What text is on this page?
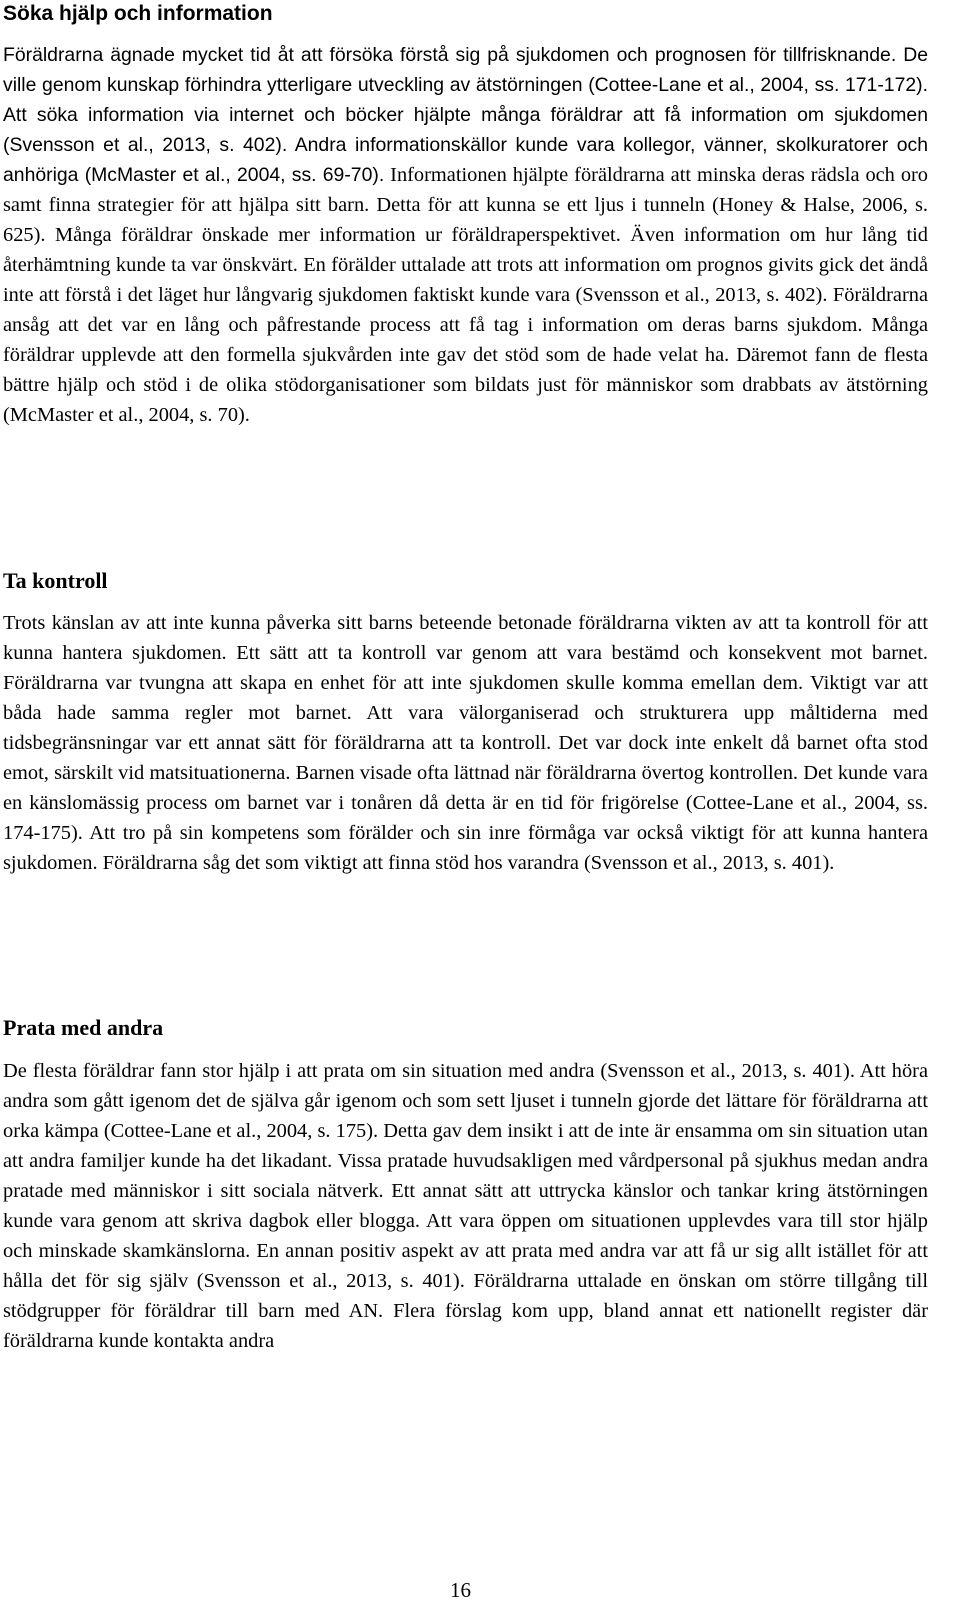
Söka hjälp och information

Föräldrarna ägnade mycket tid åt att försöka förstå sig på sjukdomen och prognosen för tillfrisknande. De ville genom kunskap förhindra ytterligare utveckling av ätstörningen (Cottee-Lane et al., 2004, ss. 171-172). Att söka information via internet och böcker hjälpte många föräldrar att få information om sjukdomen (Svensson et al., 2013, s. 402). Andra informationskällor kunde vara kollegor, vänner, skolkuratorer och anhöriga (McMaster et al., 2004, ss. 69-70). Informationen hjälpte föräldrarna att minska deras rädsla och oro samt finna strategier för att hjälpa sitt barn. Detta för att kunna se ett ljus i tunneln (Honey & Halse, 2006, s. 625). Många föräldrar önskade mer information ur föräldraperspektivet. Även information om hur lång tid återhämtning kunde ta var önskvärt. En förälder uttalade att trots att information om prognos givits gick det ändå inte att förstå i det läget hur långvarig sjukdomen faktiskt kunde vara (Svensson et al., 2013, s. 402). Föräldrarna ansåg att det var en lång och påfrestande process att få tag i information om deras barns sjukdom. Många föräldrar upplevde att den formella sjukvården inte gav det stöd som de hade velat ha. Däremot fann de flesta bättre hjälp och stöd i de olika stödorganisationer som bildats just för människor som drabbats av ätstörning (McMaster et al., 2004, s. 70).

Ta kontroll

Trots känslan av att inte kunna påverka sitt barns beteende betonade föräldrarna vikten av att ta kontroll för att kunna hantera sjukdomen. Ett sätt att ta kontroll var genom att vara bestämd och konsekvent mot barnet. Föräldrarna var tvungna att skapa en enhet för att inte sjukdomen skulle komma emellan dem. Viktigt var att båda hade samma regler mot barnet. Att vara välorganiserad och strukturera upp måltiderna med tidsbegränsningar var ett annat sätt för föräldrarna att ta kontroll. Det var dock inte enkelt då barnet ofta stod emot, särskilt vid matsituationerna. Barnen visade ofta lättnad när föräldrarna övertog kontrollen. Det kunde vara en känslomässig process om barnet var i tonåren då detta är en tid för frigörelse (Cottee-Lane et al., 2004, ss. 174-175). Att tro på sin kompetens som förälder och sin inre förmåga var också viktigt för att kunna hantera sjukdomen. Föräldrarna såg det som viktigt att finna stöd hos varandra (Svensson et al., 2013, s. 401).

Prata med andra

De flesta föräldrar fann stor hjälp i att prata om sin situation med andra (Svensson et al., 2013, s. 401). Att höra andra som gått igenom det de själva går igenom och som sett ljuset i tunneln gjorde det lättare för föräldrarna att orka kämpa (Cottee-Lane et al., 2004, s. 175). Detta gav dem insikt i att de inte är ensamma om sin situation utan att andra familjer kunde ha det likadant. Vissa pratade huvudsakligen med vårdpersonal på sjukhus medan andra pratade med människor i sitt sociala nätverk. Ett annat sätt att uttrycka känslor och tankar kring ätstörningen kunde vara genom att skriva dagbok eller blogga. Att vara öppen om situationen upplevdes vara till stor hjälp och minskade skamkänslorna. En annan positiv aspekt av att prata med andra var att få ur sig allt istället för att hålla det för sig själv (Svensson et al., 2013, s. 401). Föräldrarna uttalade en önskan om större tillgång till stödgrupper för föräldrar till barn med AN. Flera förslag kom upp, bland annat ett nationellt register där föräldrarna kunde kontakta andra

16
